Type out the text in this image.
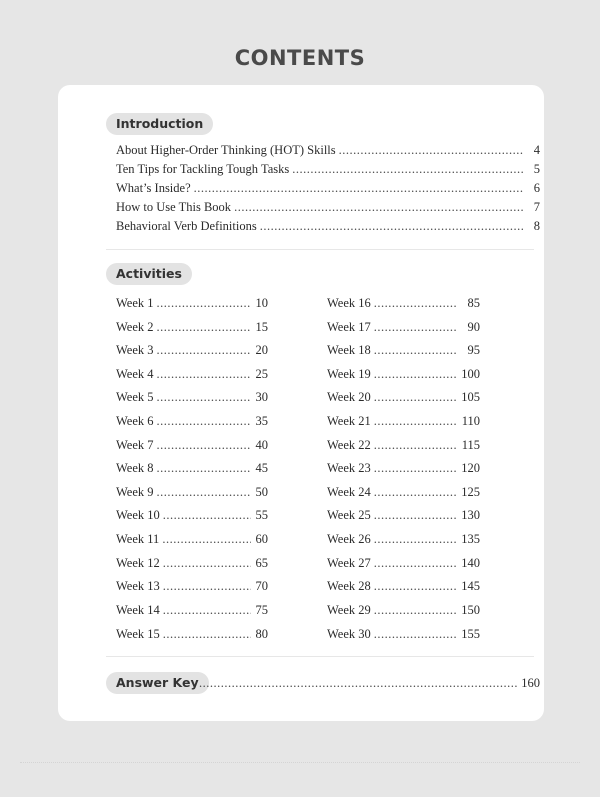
CONTENTS
Introduction
About Higher-Order Thinking (HOT) Skills .....	4
Ten Tips for Tackling Tough Tasks .....	5
What’s Inside? .....	6
How to Use This Book .....	7
Behavioral Verb Definitions .....	8
Activities
Week 1 .....	10
Week 2 .....	15
Week 3 .....	20
Week 4 .....	25
Week 5 .....	30
Week 6 .....	35
Week 7 .....	40
Week 8 .....	45
Week 9 .....	50
Week 10 .....	55
Week 11 .....	60
Week 12 .....	65
Week 13 .....	70
Week 14 .....	75
Week 15 .....	80
Week 16 .....	85
Week 17 .....	90
Week 18 .....	95
Week 19 .....	100
Week 20 .....	105
Week 21 .....	110
Week 22 .....	115
Week 23 .....	120
Week 24 .....	125
Week 25 .....	130
Week 26 .....	135
Week 27 .....	140
Week 28 .....	145
Week 29 .....	150
Week 30 .....	155
Answer Key .....	160
